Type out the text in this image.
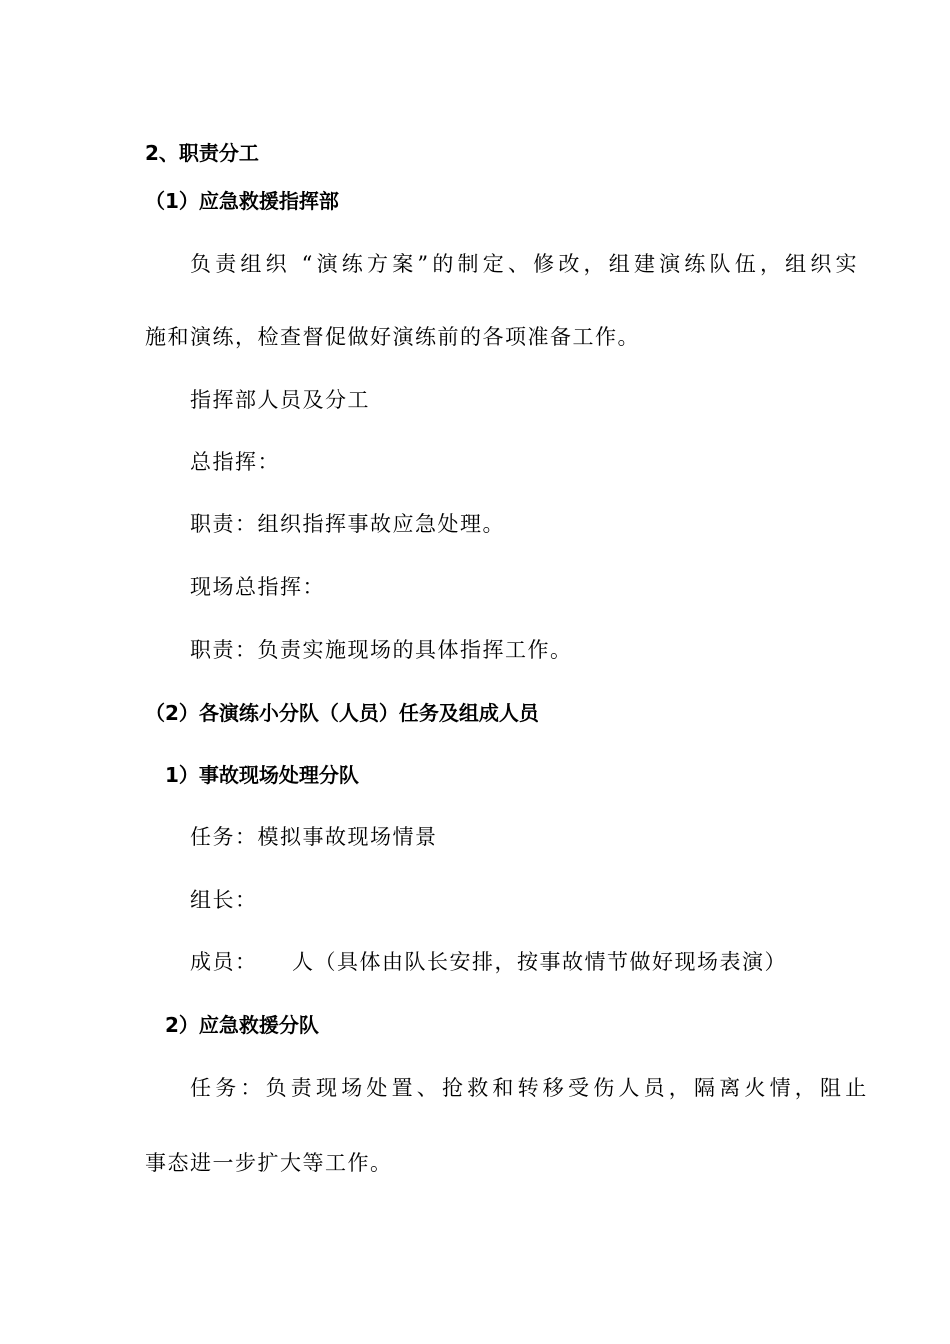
2、职责分工
（1）应急救援指挥部
负责组织 “演练方案”的制定、修改，组建演练队伍，组织实
施和演练，检查督促做好演练前的各项准备工作。
指挥部人员及分工
总指挥：
职责：组织指挥事故应急处理。
现场总指挥：
职责：负责实施现场的具体指挥工作。
（2）各演练小分队（人员）任务及组成人员
1）事故现场处理分队
任务：模拟事故现场情景
组长：
成员：　　人（具体由队长安排，按事故情节做好现场表演）
2）应急救援分队
任务：负责现场处置、抢救和转移受伤人员，隔离火情，阻止
事态进一步扩大等工作。
